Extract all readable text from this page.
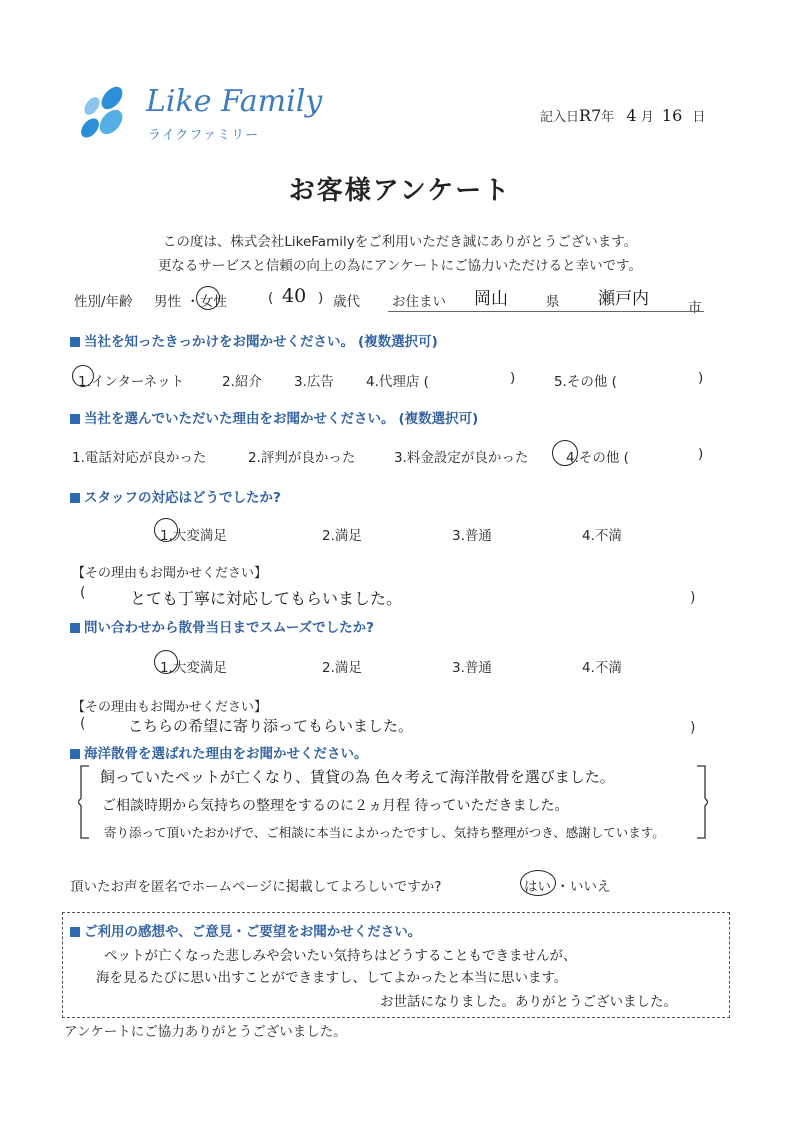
Like Family
ライクファミリー
記入日R7年 4 月 16 日
お客様アンケート
この度は、株式会社LikeFamilyをご利用いただき誠にありがとうございます。
更なるサービスと信頼の向上の為にアンケートにご協力いただけると幸いです。
性別/年齢 男性 ・ 女性	( 40 ) 歳代 お住まい 岡山	県 瀬戸内	市
当社を知ったきっかけをお聞かせください。 (複数選択可)
1.インターネット	2.紹介 3.広告 4.代理店 (	)	5.その他 (	)
当社を選んでいただいた理由をお聞かせください。 (複数選択可)
1.電話対応が良かった	2.評判が良かった	3.料金設定が良かった	4.その他 (	)
スタッフの対応はどうでしたか?
1.大変満足	2.満足	3.普通	4.不満
【その理由もお聞かせください】
(	とても丁寧に対応してもらいました。	)
問い合わせから散骨当日までスムーズでしたか?
1.大変満足	2.満足	3.普通	4.不満
【その理由もお聞かせください】
(	こちらの希望に寄り添ってもらいました。	)
海洋散骨を選ばれた理由をお聞かせください。
飼っていたペットが亡くなり、賃貸の為 色々考えて海洋散骨を選びました。
ご相談時期から気持ちの整理をするのに２ヵ月程 待っていただきました。
寄り添って頂いたおかげで、ご相談に本当によかったですし、気持ち整理がつき、感謝しています。
頂いたお声を匿名でホームページに掲載してよろしいですか?	はい ・ いいえ
ご利用の感想や、ご意見・ご要望をお聞かせください。
ペットが亡くなった悲しみや会いたい気持ちはどうすることもできませんが、
海を見るたびに思い出すことができますし、してよかったと本当に思います。
お世話になりました。ありがとうございました。
アンケートにご協力ありがとうございました。
